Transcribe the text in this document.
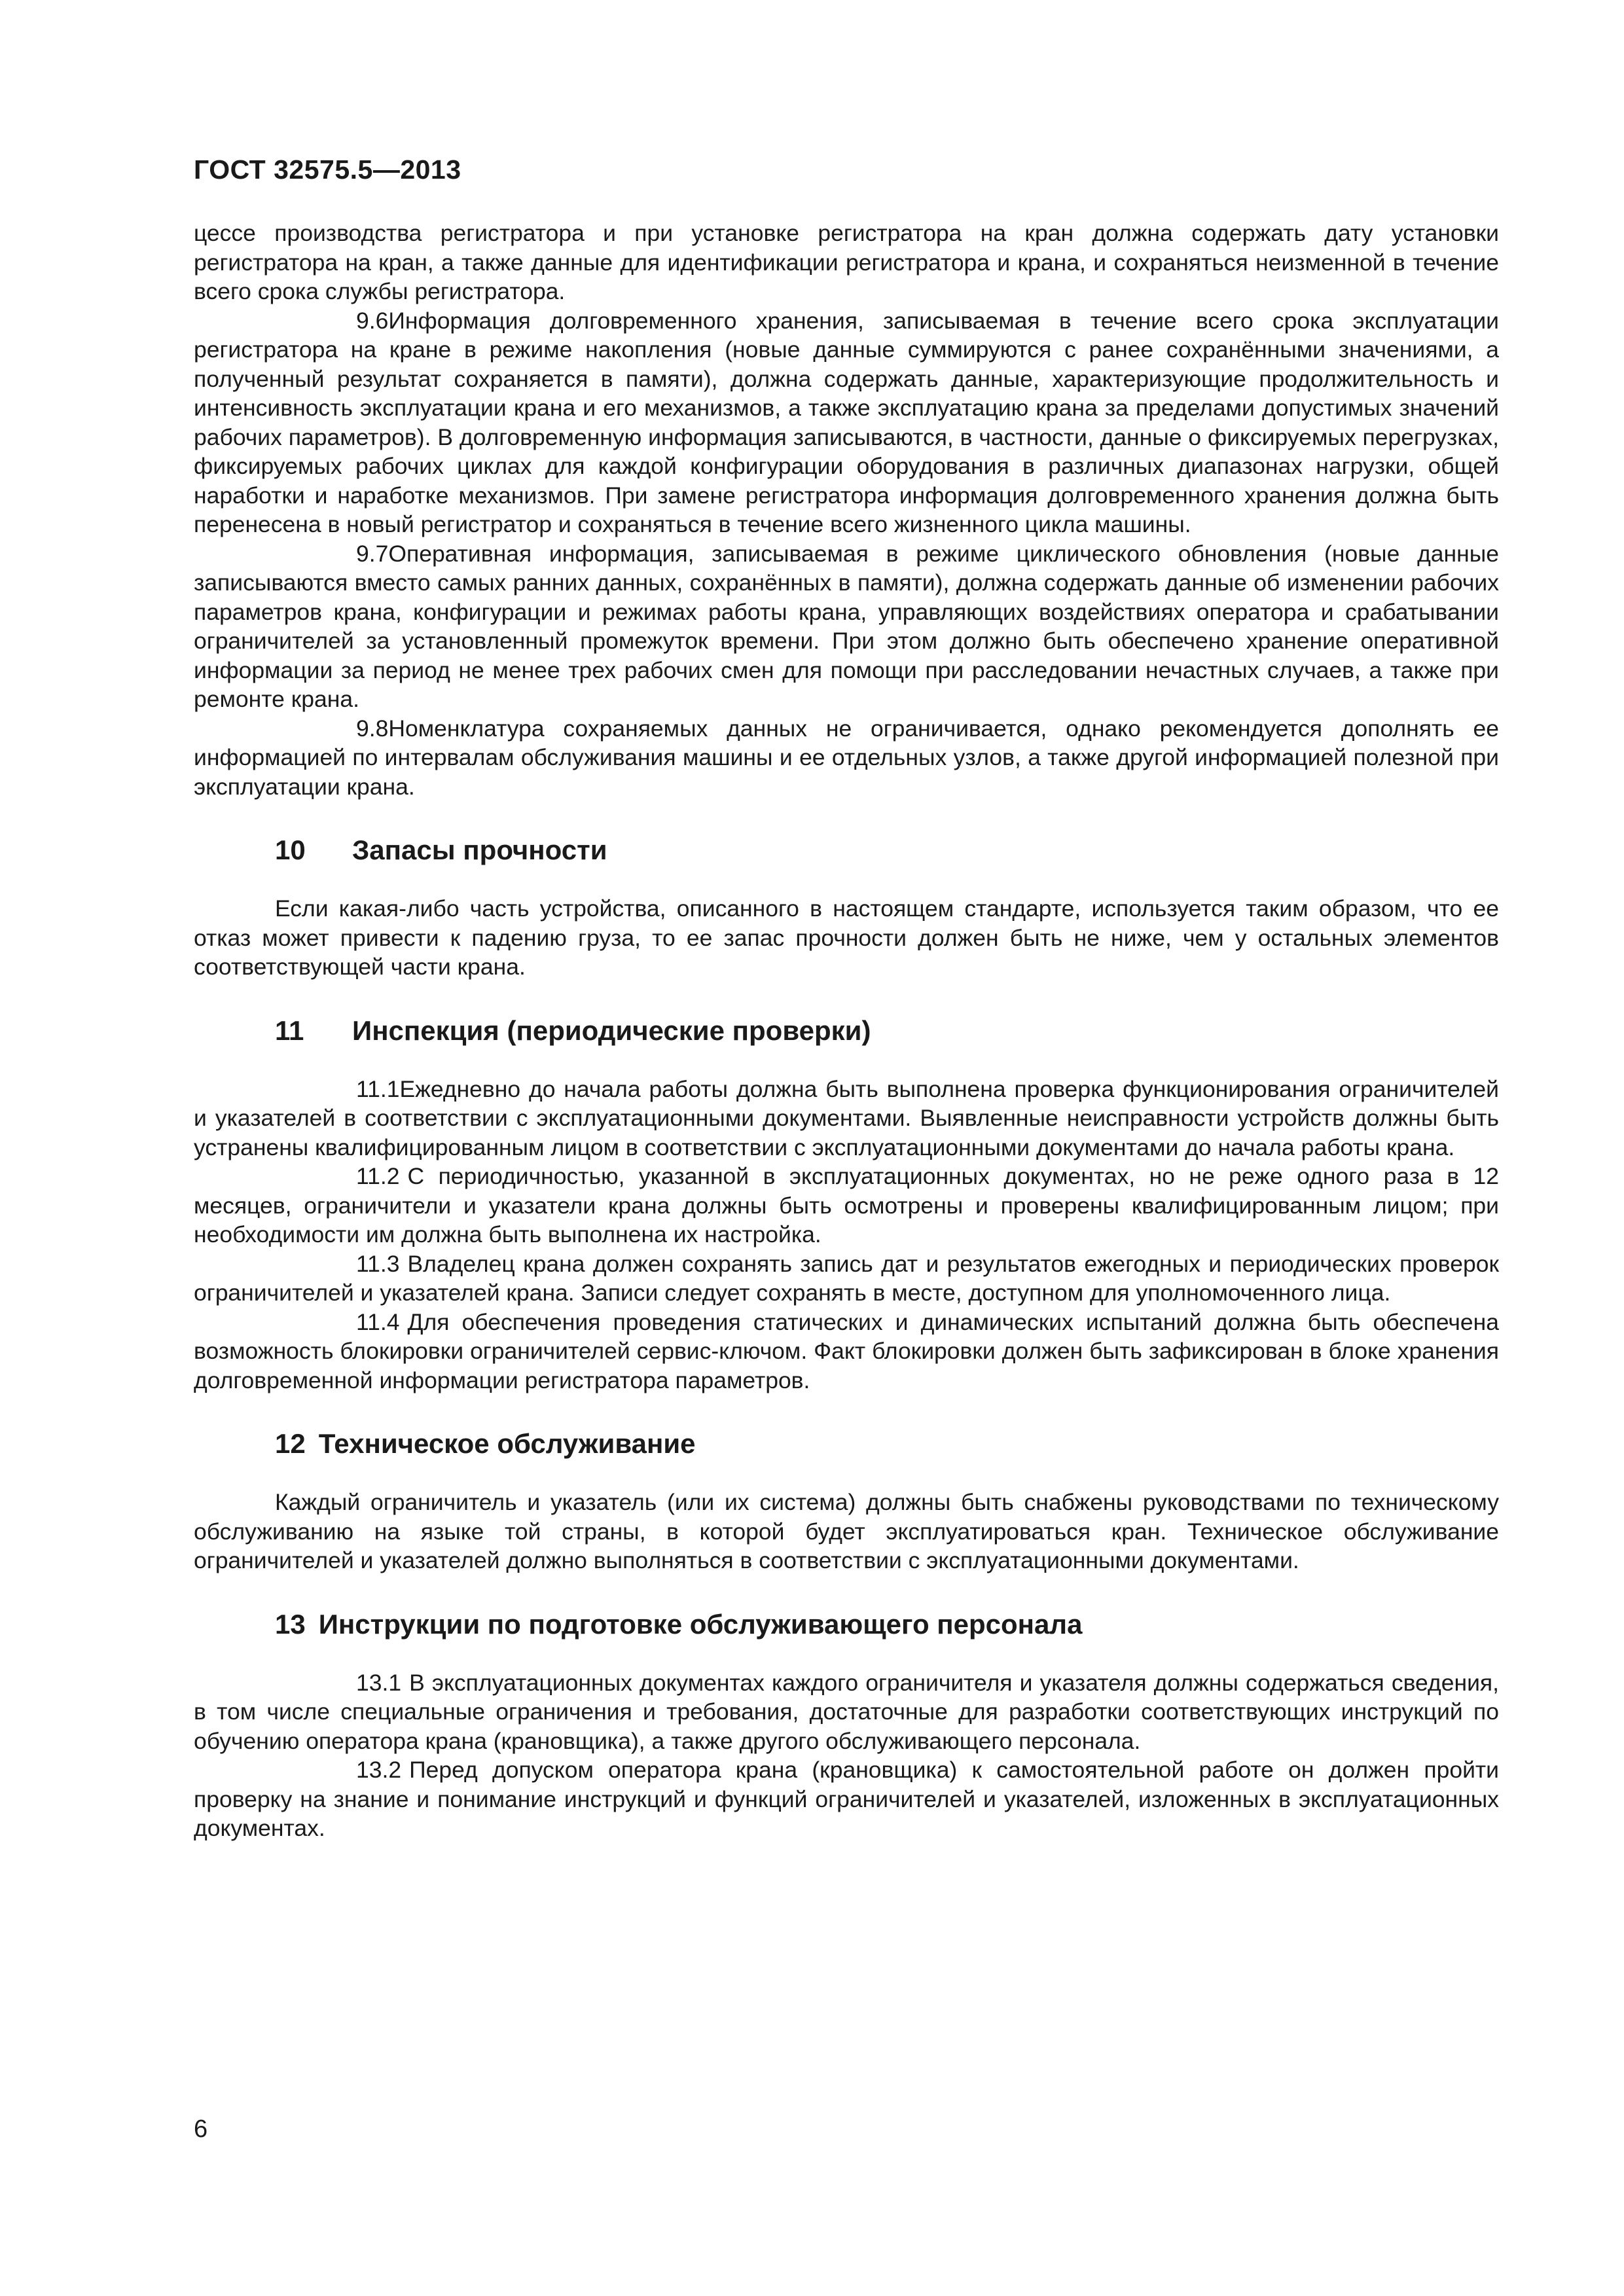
ГОСТ 32575.5—2013

цессе производства регистратора и при установке регистратора на кран должна содержать дату установки регистратора на кран, а также данные для идентификации регистратора и крана, и сохраняться неизменной в течение всего срока службы регистратора.

9.6Информация долговременного хранения, записываемая в течение всего срока эксплуатации регистратора на кране в режиме накопления (новые данные суммируются с ранее сохранёнными значениями, а полученный результат сохраняется в памяти), должна содержать данные, характеризующие продолжительность и интенсивность эксплуатации крана и его механизмов, а также эксплуатацию крана за пределами допустимых значений рабочих параметров). В долговременную информация записываются, в частности, данные о фиксируемых перегрузках, фиксируемых рабочих циклах для каждой конфигурации оборудования в различных диапазонах нагрузки, общей наработки и наработке механизмов. При замене регистратора информация долговременного хранения должна быть перенесена в новый регистратор и сохраняться в течение всего жизненного цикла машины.

9.7Оперативная информация, записываемая в режиме циклического обновления (новые данные записываются вместо самых ранних данных, сохранённых в памяти), должна содержать данные об изменении рабочих параметров крана, конфигурации и режимах работы крана, управляющих воздействиях оператора и срабатывании ограничителей за установленный промежуток времени. При этом должно быть обеспечено хранение оперативной информации за период не менее трех рабочих смен для помощи при расследовании нечастных случаев, а также при ремонте крана.

9.8Номенклатура сохраняемых данных не ограничивается, однако рекомендуется дополнять ее информацией по интервалам обслуживания машины и ее отдельных узлов, а также другой информацией полезной при эксплуатации крана.

10 Запасы прочности

Если какая-либо часть устройства, описанного в настоящем стандарте, используется таким образом, что ее отказ может привести к падению груза, то ее запас прочности должен быть не ниже, чем у остальных элементов соответствующей части крана.

11 Инспекция (периодические проверки)

11.1Ежедневно до начала работы должна быть выполнена проверка функционирования ограничителей и указателей в соответствии с эксплуатационными документами. Выявленные неисправности устройств должны быть устранены квалифицированным лицом в соответствии с эксплуатационными документами до начала работы крана.

11.2 С периодичностью, указанной в эксплуатационных документах, но не реже одного раза в 12 месяцев, ограничители и указатели крана должны быть осмотрены и проверены квалифицированным лицом; при необходимости им должна быть выполнена их настройка.

11.3 Владелец крана должен сохранять запись дат и результатов ежегодных и периодических проверок ограничителей и указателей крана. Записи следует сохранять в месте, доступном для уполномоченного лица.

11.4 Для обеспечения проведения статических и динамических испытаний должна быть обеспечена возможность блокировки ограничителей сервис-ключом. Факт блокировки должен быть зафиксирован в блоке хранения долговременной информации регистратора параметров.

12 Техническое обслуживание

Каждый ограничитель и указатель (или их система) должны быть снабжены руководствами по техническому обслуживанию на языке той страны, в которой будет эксплуатироваться кран. Техническое обслуживание ограничителей и указателей должно выполняться в соответствии с эксплуатационными документами.

13 Инструкции по подготовке обслуживающего персонала

13.1 В эксплуатационных документах каждого ограничителя и указателя должны содержаться сведения, в том числе специальные ограничения и требования, достаточные для разработки соответствующих инструкций по обучению оператора крана (крановщика), а также другого обслуживающего персонала.

13.2 Перед допуском оператора крана (крановщика) к самостоятельной работе он должен пройти проверку на знание и понимание инструкций и функций ограничителей и указателей, изложенных в эксплуатационных документах.

6
